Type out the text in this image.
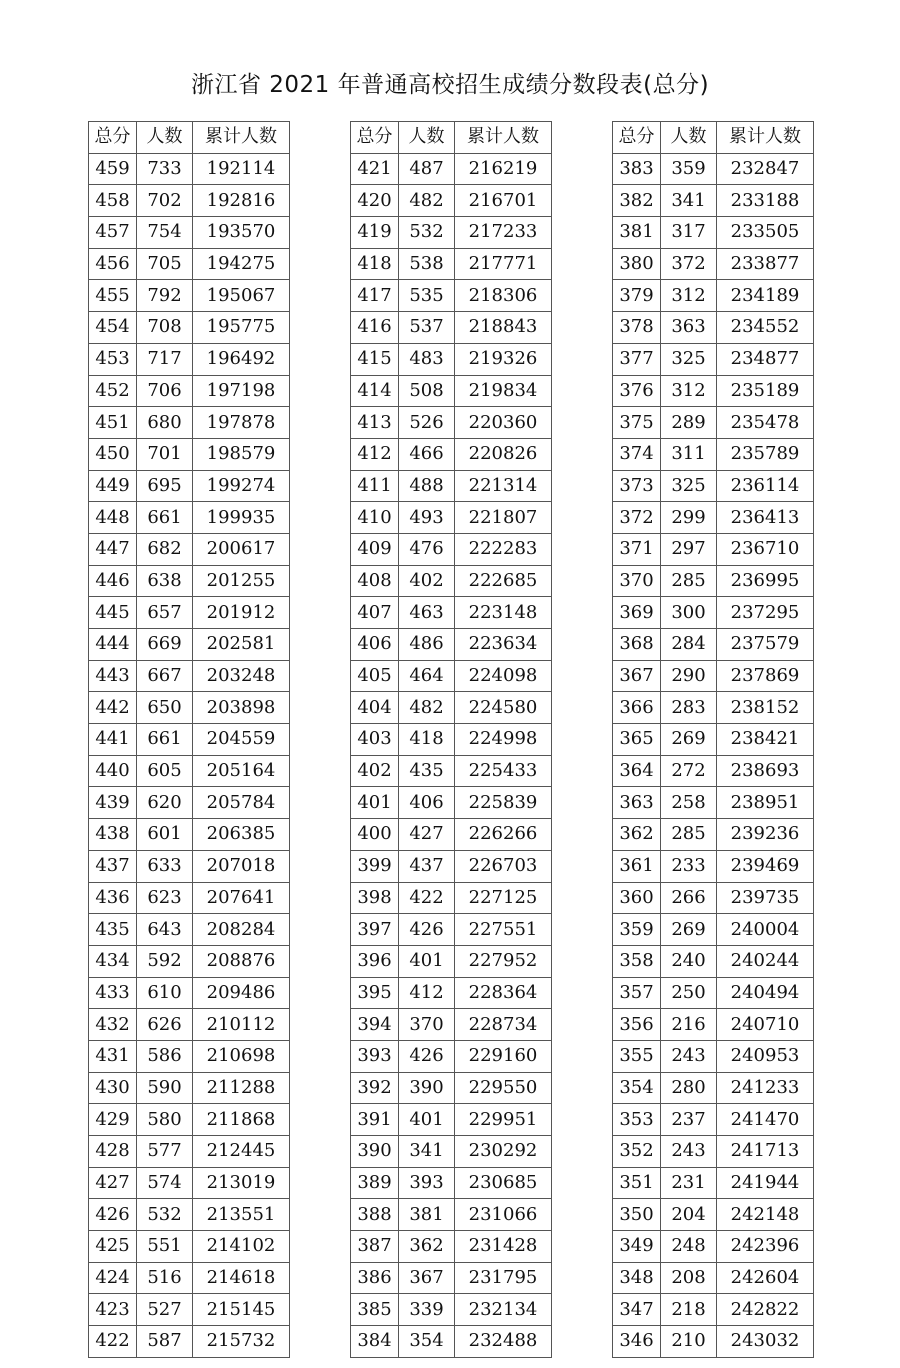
浙江省 2021 年普通高校招生成绩分数段表(总分)
总分	人数	累计人数
459	733	192114
458	702	192816
457	754	193570
456	705	194275
455	792	195067
454	708	195775
453	717	196492
452	706	197198
451	680	197878
450	701	198579
449	695	199274
448	661	199935
447	682	200617
446	638	201255
445	657	201912
444	669	202581
443	667	203248
442	650	203898
441	661	204559
440	605	205164
439	620	205784
438	601	206385
437	633	207018
436	623	207641
435	643	208284
434	592	208876
433	610	209486
432	626	210112
431	586	210698
430	590	211288
429	580	211868
428	577	212445
427	574	213019
426	532	213551
425	551	214102
424	516	214618
423	527	215145
422	587	215732
总分	人数	累计人数
421	487	216219
420	482	216701
419	532	217233
418	538	217771
417	535	218306
416	537	218843
415	483	219326
414	508	219834
413	526	220360
412	466	220826
411	488	221314
410	493	221807
409	476	222283
408	402	222685
407	463	223148
406	486	223634
405	464	224098
404	482	224580
403	418	224998
402	435	225433
401	406	225839
400	427	226266
399	437	226703
398	422	227125
397	426	227551
396	401	227952
395	412	228364
394	370	228734
393	426	229160
392	390	229550
391	401	229951
390	341	230292
389	393	230685
388	381	231066
387	362	231428
386	367	231795
385	339	232134
384	354	232488
总分	人数	累计人数
383	359	232847
382	341	233188
381	317	233505
380	372	233877
379	312	234189
378	363	234552
377	325	234877
376	312	235189
375	289	235478
374	311	235789
373	325	236114
372	299	236413
371	297	236710
370	285	236995
369	300	237295
368	284	237579
367	290	237869
366	283	238152
365	269	238421
364	272	238693
363	258	238951
362	285	239236
361	233	239469
360	266	239735
359	269	240004
358	240	240244
357	250	240494
356	216	240710
355	243	240953
354	280	241233
353	237	241470
352	243	241713
351	231	241944
350	204	242148
349	248	242396
348	208	242604
347	218	242822
346	210	243032
